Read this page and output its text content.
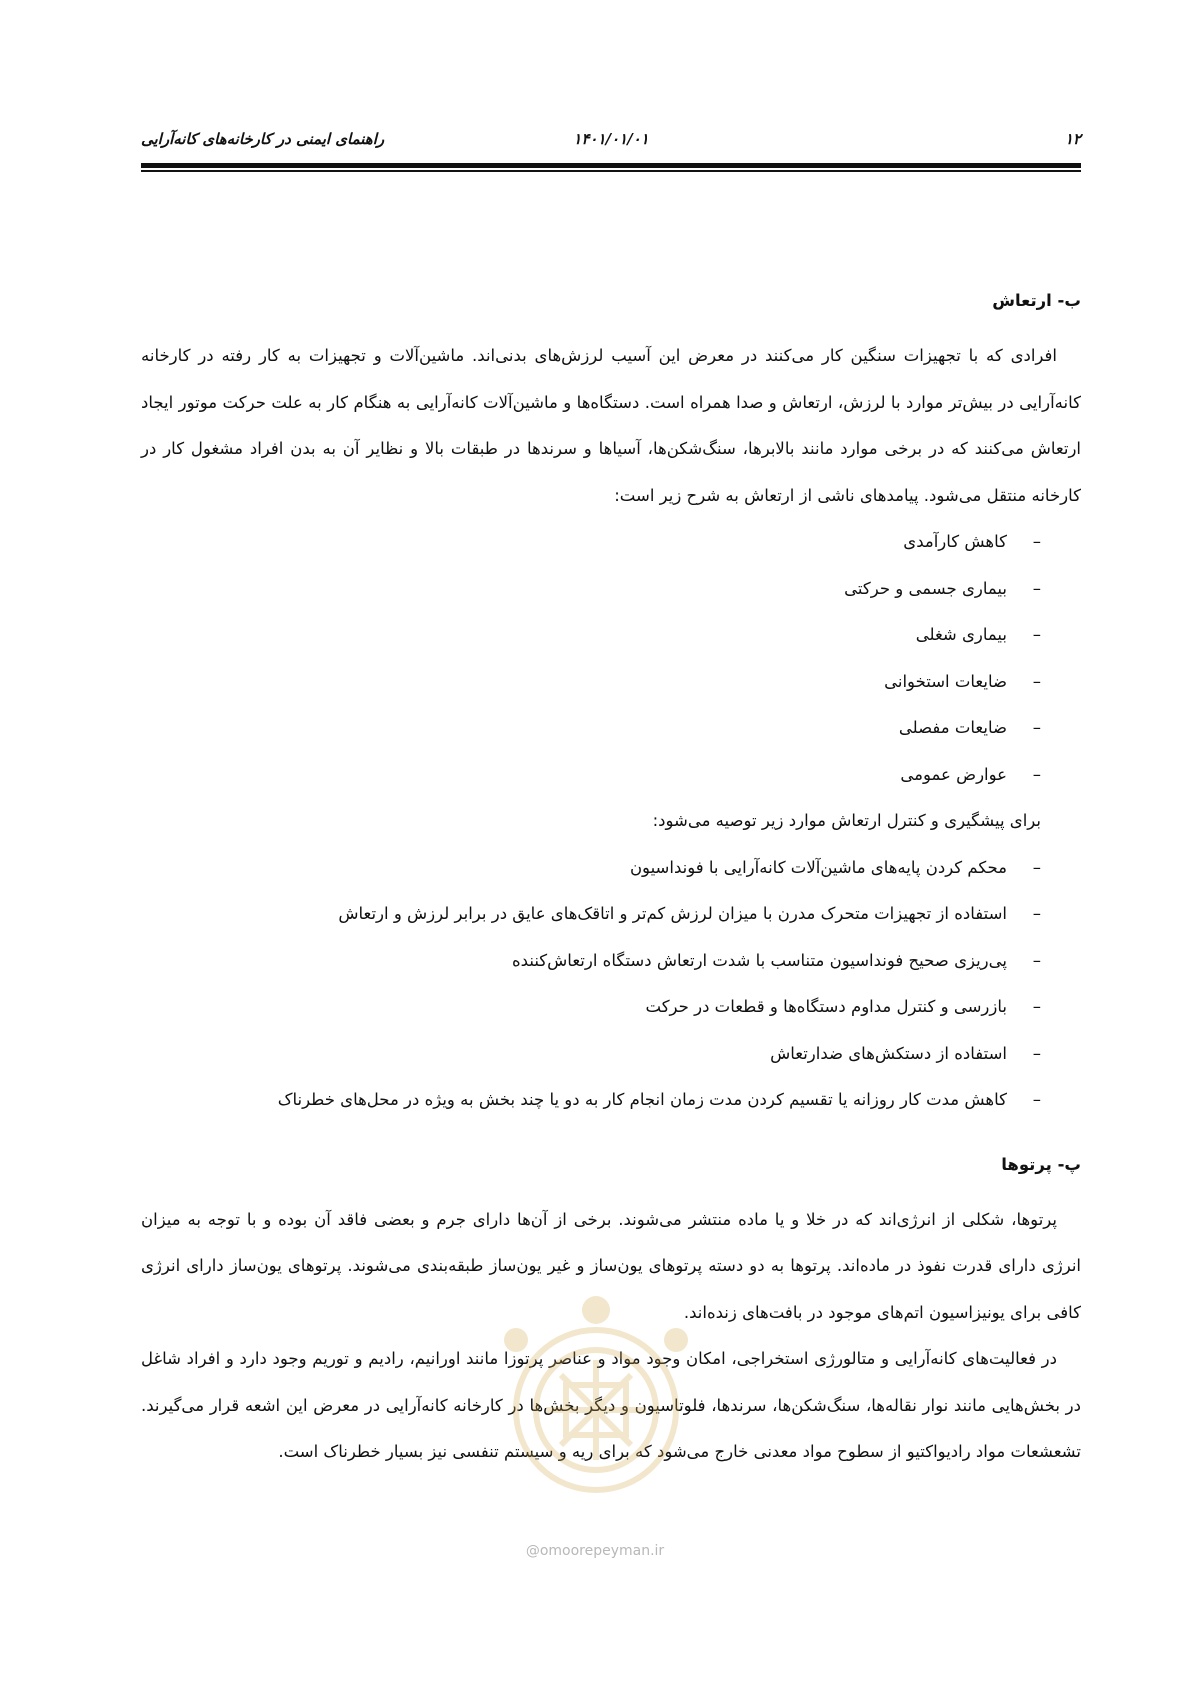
۱۲
۱۴۰۱/۰۱/۰۱
راهنمای ایمنی در کارخانه‌های کانه‌آرایی

ب- ارتعاش

افرادی که با تجهیزات سنگین کار می‌کنند در معرض این آسیب لرزش‌های بدنی‌اند. ماشین‌آلات و تجهیزات به کار رفته در کارخانه کانه‌آرایی در بیش‌تر موارد با لرزش، ارتعاش و صدا همراه است. دستگاه‌ها و ماشین‌آلات کانه‌آرایی به هنگام کار به علت حرکت موتور ایجاد ارتعاش می‌کنند که در برخی موارد مانند بالابرها، سنگ‌شکن‌ها، آسیاها و سرندها در طبقات بالا و نظایر آن به بدن افراد مشغول کار در کارخانه منتقل می‌شود. پیامدهای ناشی از ارتعاش به شرح زیر است:

–
کاهش کارآمدی
–
بیماری جسمی و حرکتی
–
بیماری شغلی
–
ضایعات استخوانی
–
ضایعات مفصلی
–
عوارض عمومی

برای پیشگیری و کنترل ارتعاش موارد زیر توصیه می‌شود:

–
محکم کردن پایه‌های ماشین‌آلات کانه‌آرایی با فونداسیون
–
استفاده از تجهیزات متحرک مدرن با میزان لرزش کم‌تر و اتاقک‌های عایق در برابر لرزش و ارتعاش
–
پی‌ریزی صحیح فونداسیون متناسب با شدت ارتعاش دستگاه ارتعاش‌کننده
–
بازرسی و کنترل مداوم دستگاه‌ها و قطعات در حرکت
–
استفاده از دستکش‌های ضدارتعاش
–
کاهش مدت کار روزانه یا تقسیم کردن مدت زمان انجام کار به دو یا چند بخش به ویژه در محل‌های خطرناک

پ- پرتوها

پرتوها، شکلی از انرژی‌اند که در خلا و یا ماده منتشر می‌شوند. برخی از آن‌ها دارای جرم و بعضی فاقد آن بوده و با توجه به میزان انرژی دارای قدرت نفوذ در ماده‌اند. پرتوها به دو دسته پرتوهای یون‌ساز و غیر یون‌ساز طبقه‌بندی می‌شوند. پرتوهای یون‌ساز دارای انرژی کافی برای یونیزاسیون اتم‌های موجود در بافت‌های زنده‌اند.

در فعالیت‌های کانه‌آرایی و متالورژی استخراجی، امکان وجود مواد و عناصر پرتوزا مانند اورانیم، رادیم و توریم وجود دارد و افراد شاغل در بخش‌هایی مانند نوار نقاله‌ها، سنگ‌شکن‌ها، سرندها، فلوتاسیون و دیگر بخش‌ها در کارخانه کانه‌آرایی در معرض این اشعه قرار می‌گیرند. تشعشعات مواد رادیواکتیو از سطوح مواد معدنی خارج می‌شود که برای ریه و سیستم تنفسی نیز بسیار خطرناک است.

@omoorepeyman.ir
